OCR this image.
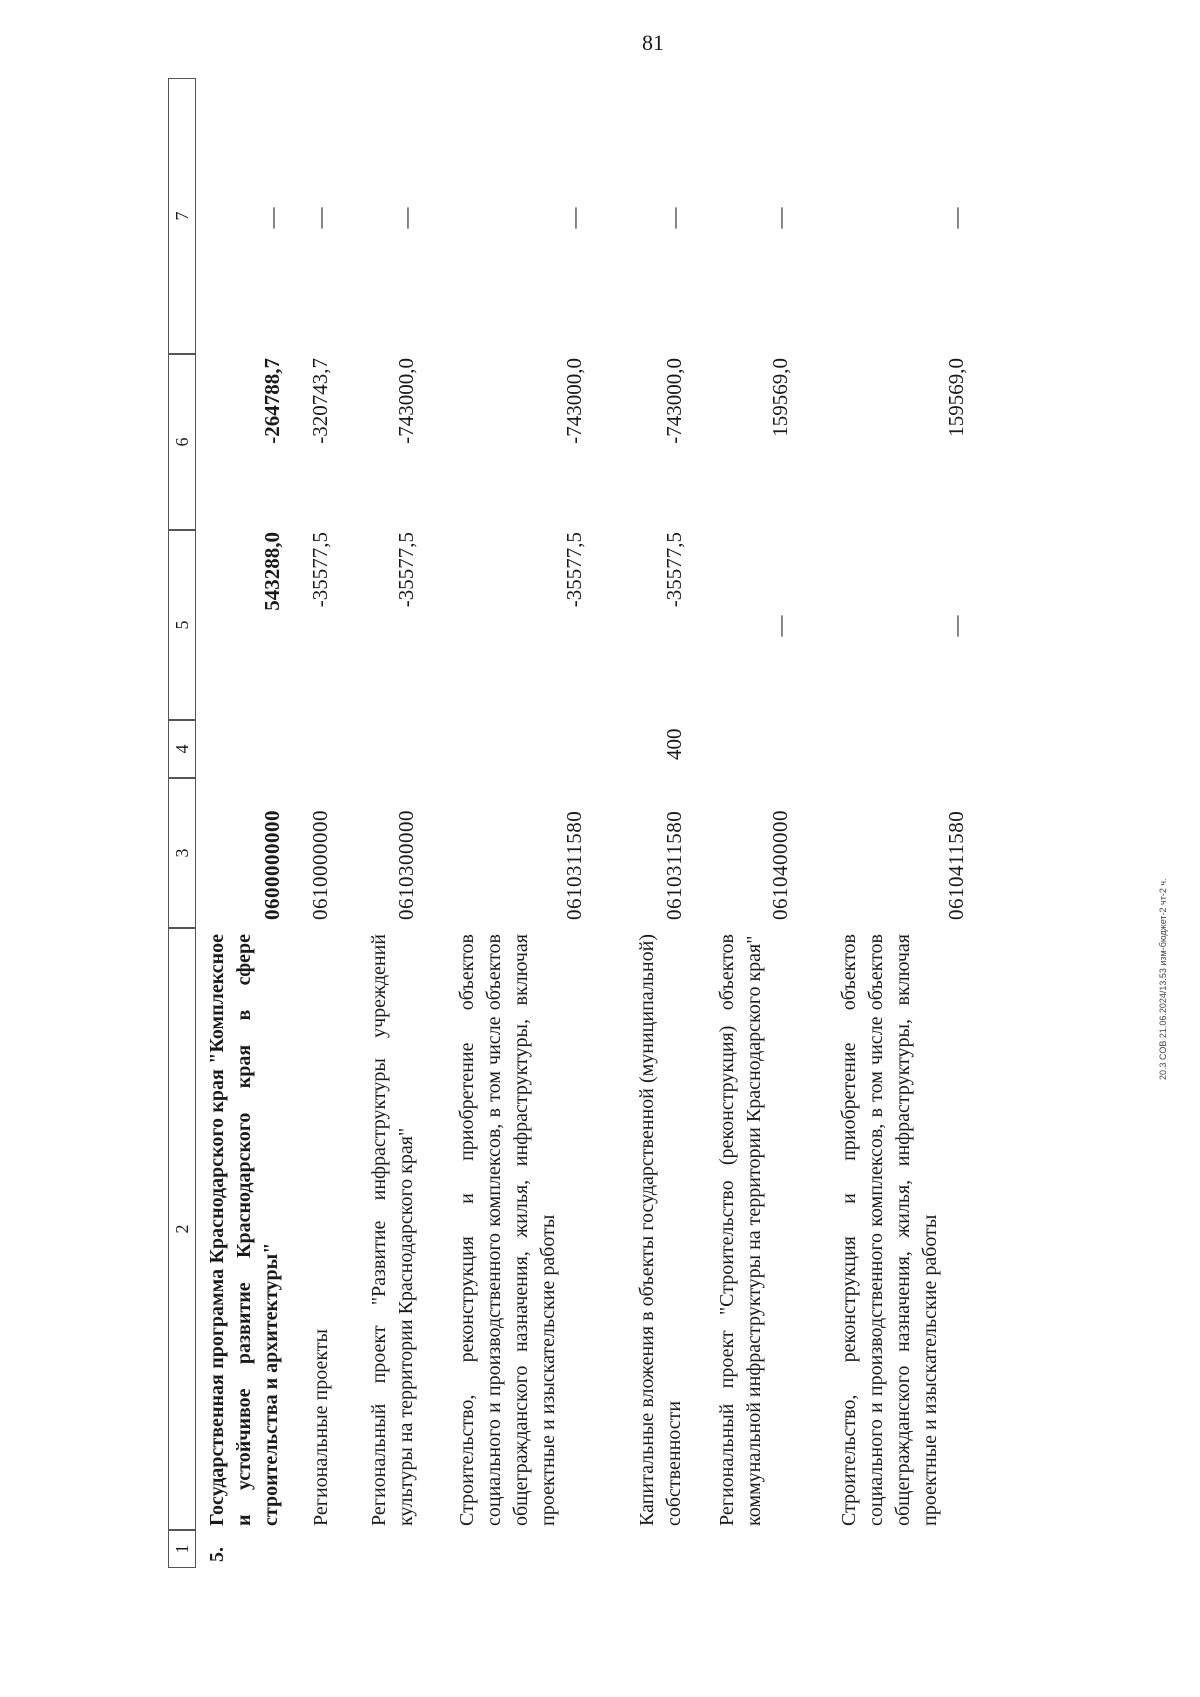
81
1
2
3
4
5
6
7
5.
Государственная программа Краснодарского края "Комплексное и устойчивое развитие Краснодарского края в сфере строительства и архитектуры"
0600000000
543288,0
-264788,7
—
Региональные проекты
0610000000
-35577,5
-320743,7
—
Региональный проект "Развитие инфраструктуры учреждений культуры на территории Краснодарского края"
0610300000
-35577,5
-743000,0
—
Строительство, реконструкция и приобретение объектов социального и производственного комплексов, в том числе объектов общегражданского назначения, жилья, инфраструктуры, включая проектные и изыскательские работы
0610311580
-35577,5
-743000,0
—
Капитальные вложения в объекты государственной (муниципальной) собственности
0610311580
400
-35577,5
-743000,0
—
Региональный проект "Строительство (реконструкция) объектов коммунальной инфраструктуры на территории Краснодарского края"
0610400000
—
159569,0
—
Строительство, реконструкция и приобретение объектов социального и производственного комплексов, в том числе объектов общегражданского назначения, жилья, инфраструктуры, включая проектные и изыскательские работы
0610411580
—
159569,0
—
20.3 СОВ 21.06.2024/13.53 изм-бюджет-2 чт-2 ч.
